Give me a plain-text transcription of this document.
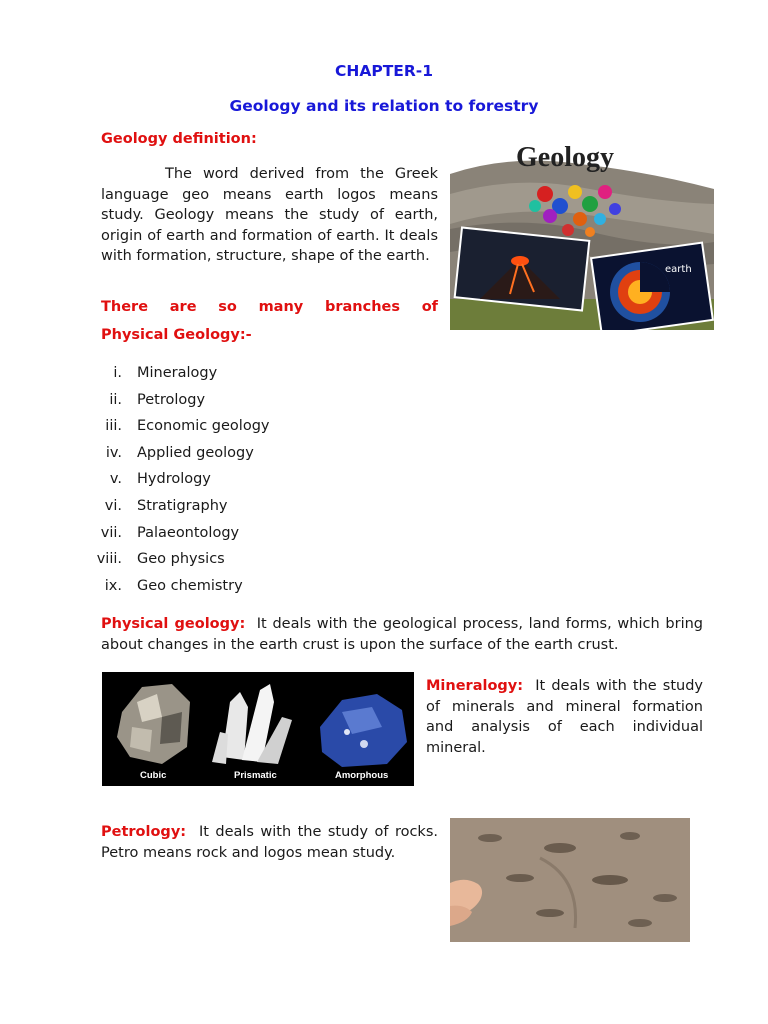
CHAPTER-1
Geology and its relation to forestry
Geology definition:
The word derived from the Greek language geo means earth logos means study. Geology means the study of earth, origin of earth and formation of earth. It deals with formation, structure, shape of the earth.
earth
Geology
There are so many branches of
Physical Geology:-
i. Mineralogy
ii. Petrology
iii. Economic geology
iv. Applied geology
v. Hydrology
vi. Stratigraphy
vii. Palaeontology
viii. Geo physics
ix. Geo chemistry
Physical geology: It deals with the geological process, land forms, which bring about changes in the earth crust is upon the surface of the earth crust.
Cubic	Prismatic	Amorphous
Mineralogy: It deals with the study of minerals and mineral formation and analysis of each individual mineral.
Petrology: It deals with the study of rocks. Petro means rock and logos mean study.
